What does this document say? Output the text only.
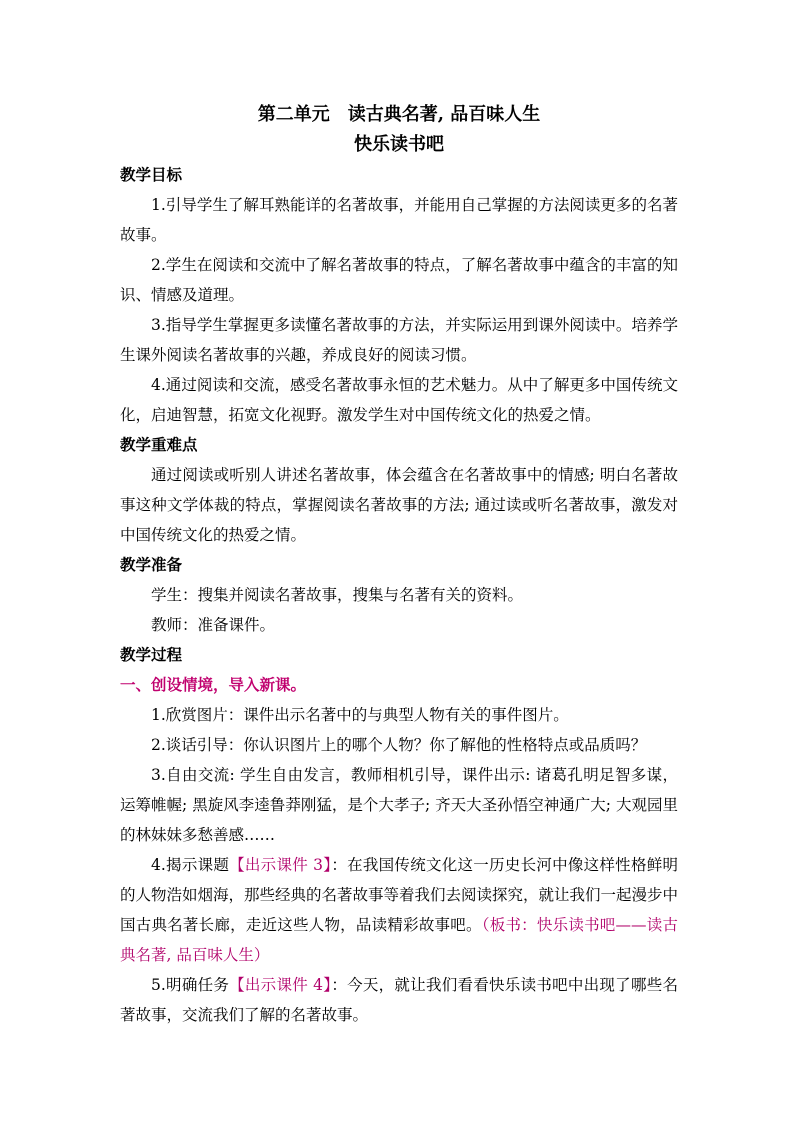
第二单元　读古典名著, 品百味人生

快乐读书吧

教学目标

1.引导学生了解耳熟能详的名著故事，并能用自己掌握的方法阅读更多的名著故事。

2.学生在阅读和交流中了解名著故事的特点，了解名著故事中蕴含的丰富的知识、情感及道理。

3.指导学生掌握更多读懂名著故事的方法，并实际运用到课外阅读中。培养学生课外阅读名著故事的兴趣，养成良好的阅读习惯。

4.通过阅读和交流，感受名著故事永恒的艺术魅力。从中了解更多中国传统文化，启迪智慧，拓宽文化视野。激发学生对中国传统文化的热爱之情。

教学重难点

通过阅读或听别人讲述名著故事，体会蕴含在名著故事中的情感; 明白名著故事这种文学体裁的特点，掌握阅读名著故事的方法; 通过读或听名著故事，激发对中国传统文化的热爱之情。

教学准备

学生：搜集并阅读名著故事，搜集与名著有关的资料。

教师：准备课件。

教学过程

一、创设情境，导入新课。

1.欣赏图片：课件出示名著中的与典型人物有关的事件图片。

2.谈话引导：你认识图片上的哪个人物？你了解他的性格特点或品质吗？

3.自由交流: 学生自由发言，教师相机引导，课件出示: 诸葛孔明足智多谋，运筹帷幄; 黑旋风李逵鲁莽刚猛，是个大孝子; 齐天大圣孙悟空神通广大; 大观园里的林妹妹多愁善感……

4.揭示课题【出示课件 3】：在我国传统文化这一历史长河中像这样性格鲜明的人物浩如烟海，那些经典的名著故事等着我们去阅读探究，就让我们一起漫步中国古典名著长廊，走近这些人物，品读精彩故事吧。（板书：快乐读书吧——读古典名著, 品百味人生）

5.明确任务【出示课件 4】：今天，就让我们看看快乐读书吧中出现了哪些名著故事，交流我们了解的名著故事。
